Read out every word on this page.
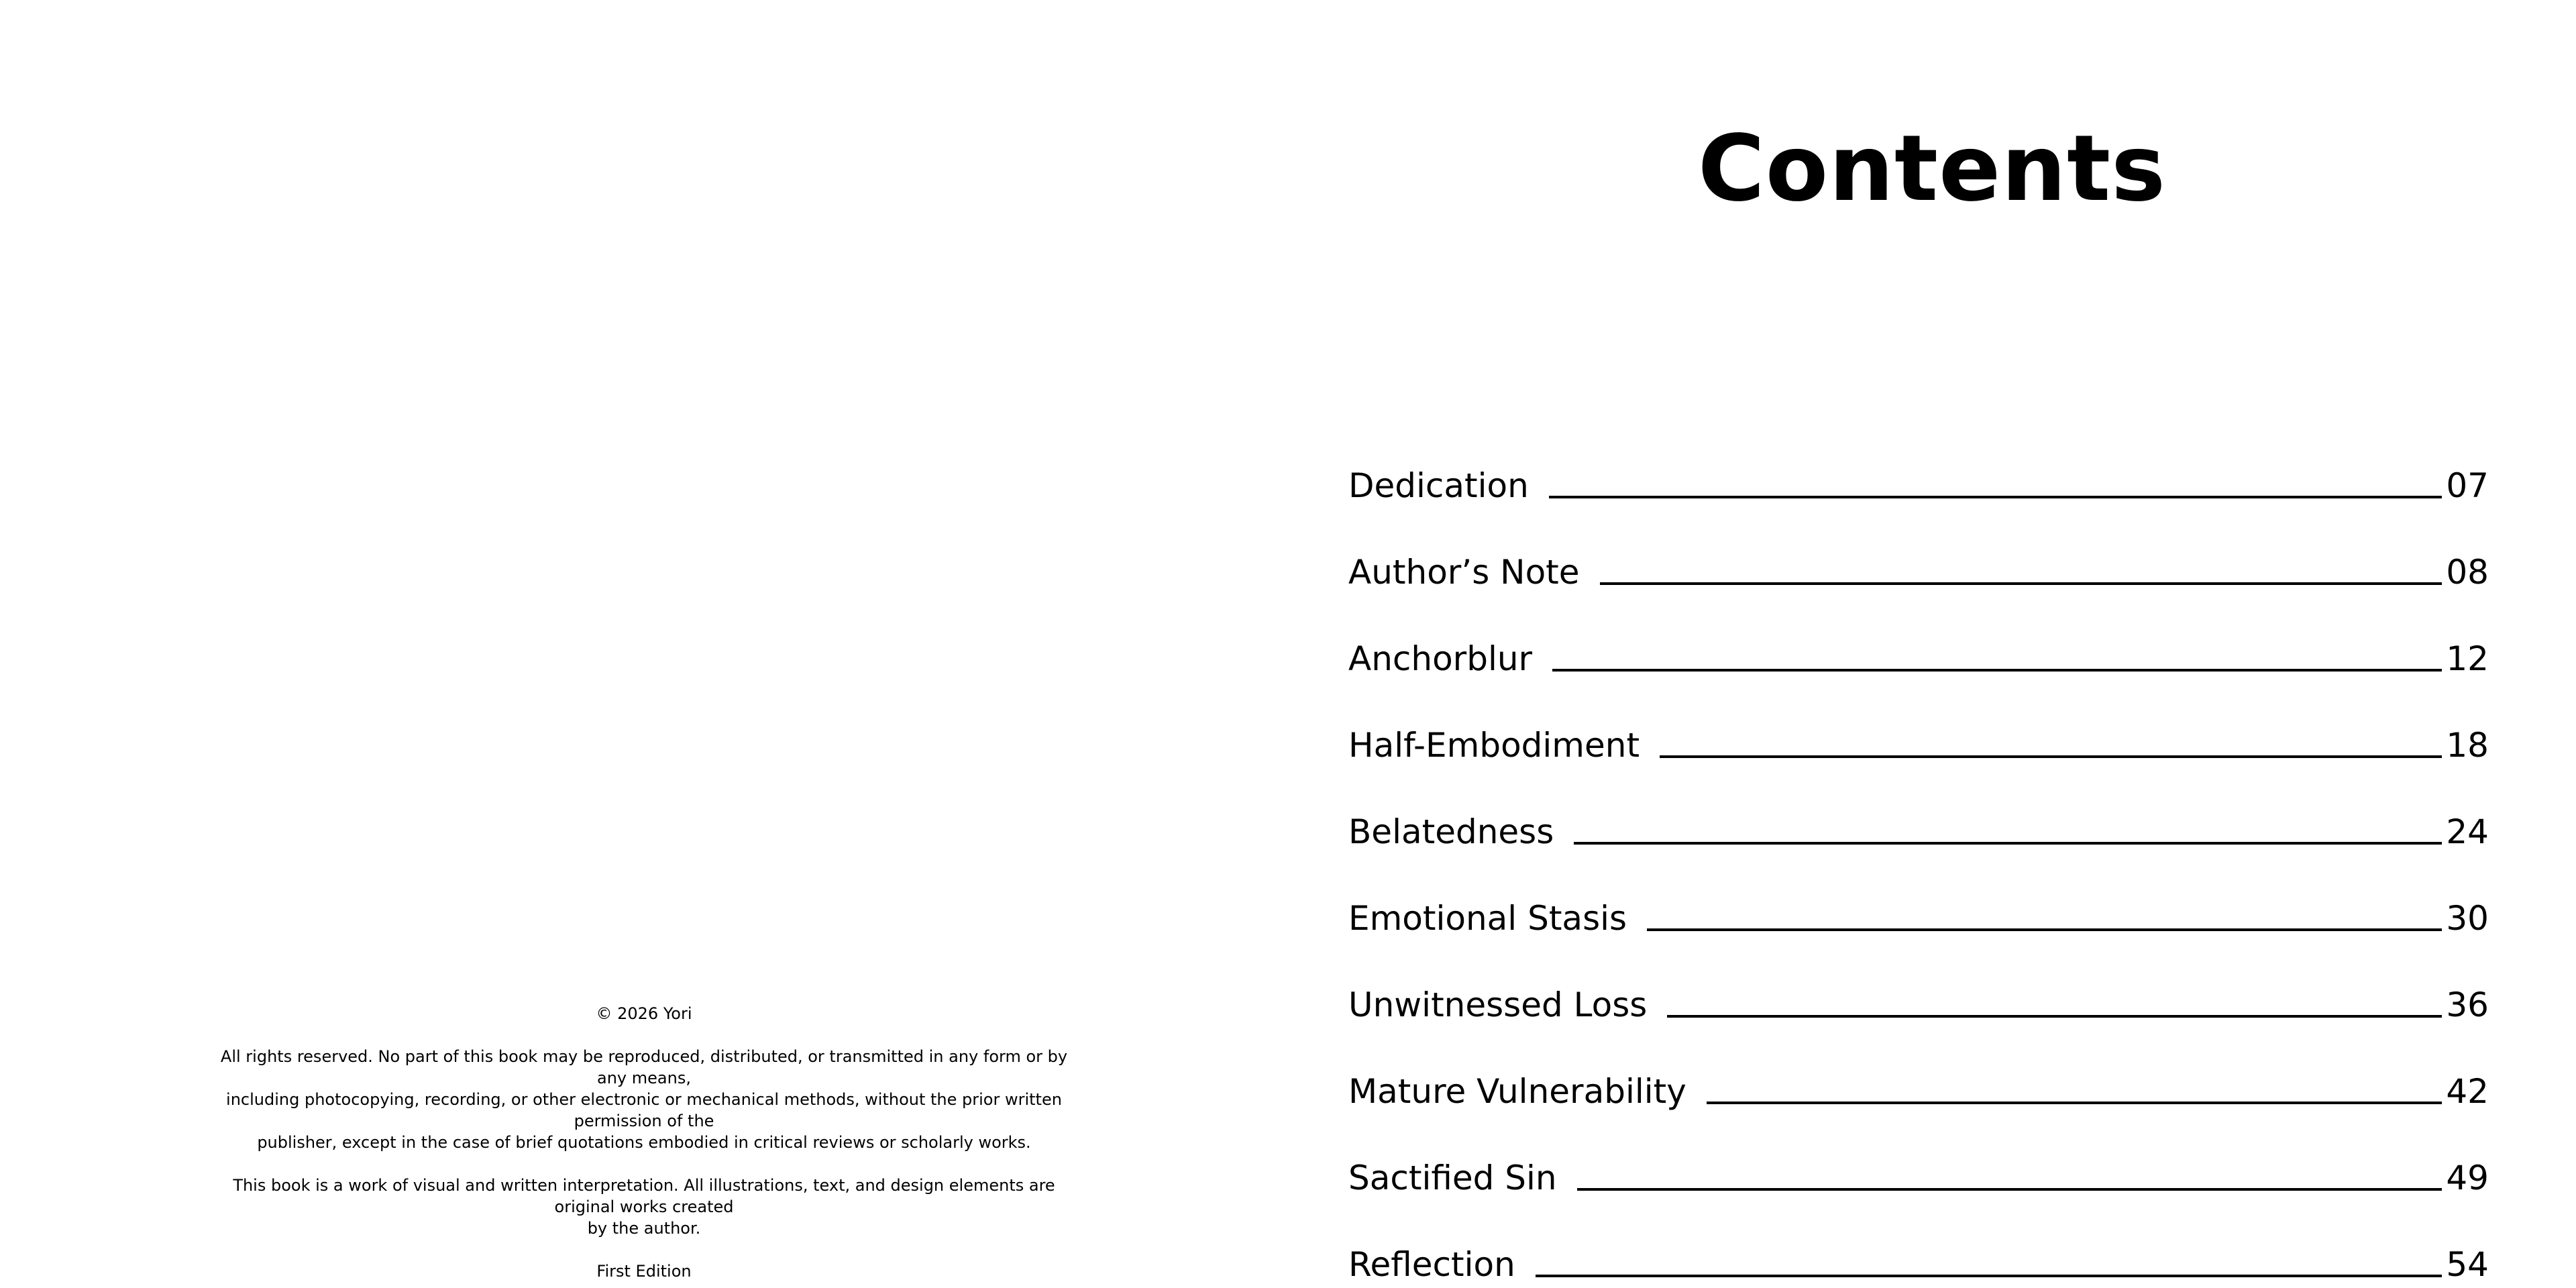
© 2026 Yori
All rights reserved. No part of this book may be reproduced, distributed, or transmitted in any form or by any means,
including photocopying, recording, or other electronic or mechanical methods, without the prior written permission of the
publisher, except in the case of brief quotations embodied in critical reviews or scholarly works.
This book is a work of visual and written interpretation. All illustrations, text, and design elements are original works created
by the author.
First Edition
Contents
Dedication	07
Author’s Note	08
Anchorblur	12
Half-Embodiment	18
Belatedness	24
Emotional Stasis	30
Unwitnessed Loss	36
Mature Vulnerability	42
Sactified Sin	49
Reflection	54
